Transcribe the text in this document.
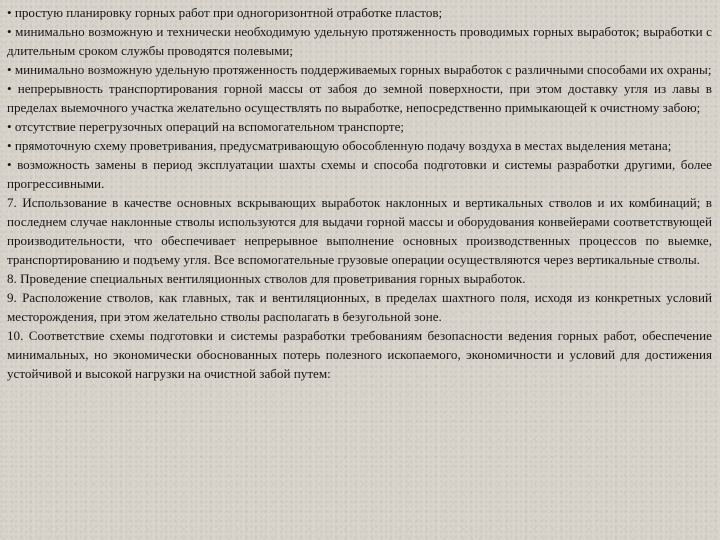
• простую планировку горных работ при одногоризонтной отработке пластов;

• минимально возможную и технически необходимую удельную протяженность проводимых горных выработок; выработки с длительным сроком службы проводятся полевыми;

• минимально возможную удельную протяженность поддерживаемых горных выработок с различными способами их охраны;

• непрерывность транспортирования горной массы от забоя до земной поверхности, при этом доставку угля из лавы в пределах выемочного участка желательно осуществлять по выработке, непосредственно примыкающей к очистному забою;

• отсутствие перегрузочных операций на вспомогательном транспорте;

• прямоточную схему проветривания, предусматривающую обособленную подачу воздуха в местах выделения метана;

• возможность замены в период эксплуатации шахты схемы и способа подготовки и системы разработки другими, более прогрессивными.

7. Использование в качестве основных вскрывающих выработок наклонных и вертикальных стволов и их комбинаций; в последнем случае наклонные стволы используются для выдачи горной массы и оборудования конвейерами соответствующей производительности, что обеспечивает непрерывное выполнение основных производственных процессов по выемке, транспортированию и подъему угля. Все вспомогательные грузовые операции осуществляются через вертикальные стволы.

8. Проведение специальных вентиляционных стволов для проветривания горных выработок.

9. Расположение стволов, как главных, так и вентиляционных, в пределах шахтного поля, исходя из конкретных условий месторождения, при этом желательно стволы располагать в безугольной зоне.

10. Соответствие схемы подготовки и системы разработки требованиям безопасности ведения горных работ, обеспечение минимальных, но экономически обоснованных потерь полезного ископаемого, экономичности и условий для достижения устойчивой и высокой нагрузки на очистной забой путем:
